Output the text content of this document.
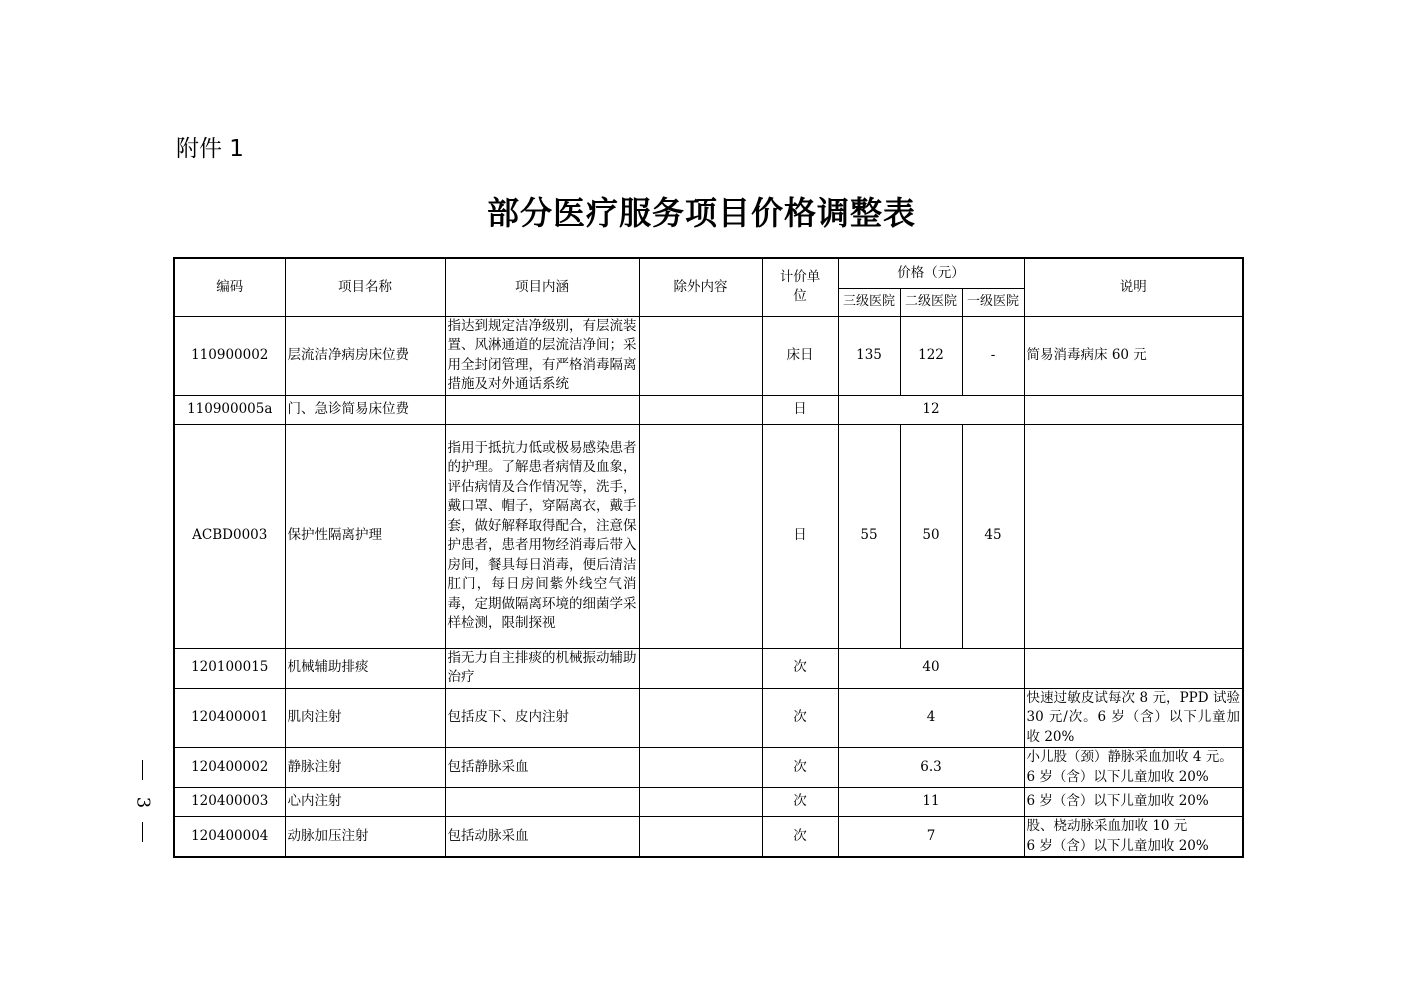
附件 1
部分医疗服务项目价格调整表
编码	项目名称	项目内涵	除外内容	计价单位	价格（元）			说明
					三级医院	二级医院	一级医院	
110900002	层流洁净病房床位费	指达到规定洁净级别，有层流装置、风淋通道的层流洁净间；采用全封闭管理，有严格消毒隔离措施及对外通话系统		床日	135	122	-	简易消毒病床 60 元
110900005a	门、急诊简易床位费			日	12			
ACBD0003	保护性隔离护理	指用于抵抗力低或极易感染患者的护理。了解患者病情及血象，评估病情及合作情况等，洗手，戴口罩、帽子，穿隔离衣，戴手套，做好解释取得配合，注意保护患者，患者用物经消毒后带入房间，餐具每日消毒，便后清洁肛门，每日房间紫外线空气消毒，定期做隔离环境的细菌学采样检测，限制探视		日	55	50	45	
120100015	机械辅助排痰	指无力自主排痰的机械振动辅助治疗		次	40			
120400001	肌肉注射	包括皮下、皮内注射		次	4			快速过敏皮试每次 8 元，PPD 试验 30 元/次。6 岁（含）以下儿童加收 20%
120400002	静脉注射	包括静脉采血		次	6.3			小儿股（颈）静脉采血加收 4 元。6 岁（含）以下儿童加收 20%
120400003	心内注射			次	11			6 岁（含）以下儿童加收 20%
120400004	动脉加压注射	包括动脉采血		次	7			股、桡动脉采血加收 10 元
6 岁（含）以下儿童加收 20%
3
